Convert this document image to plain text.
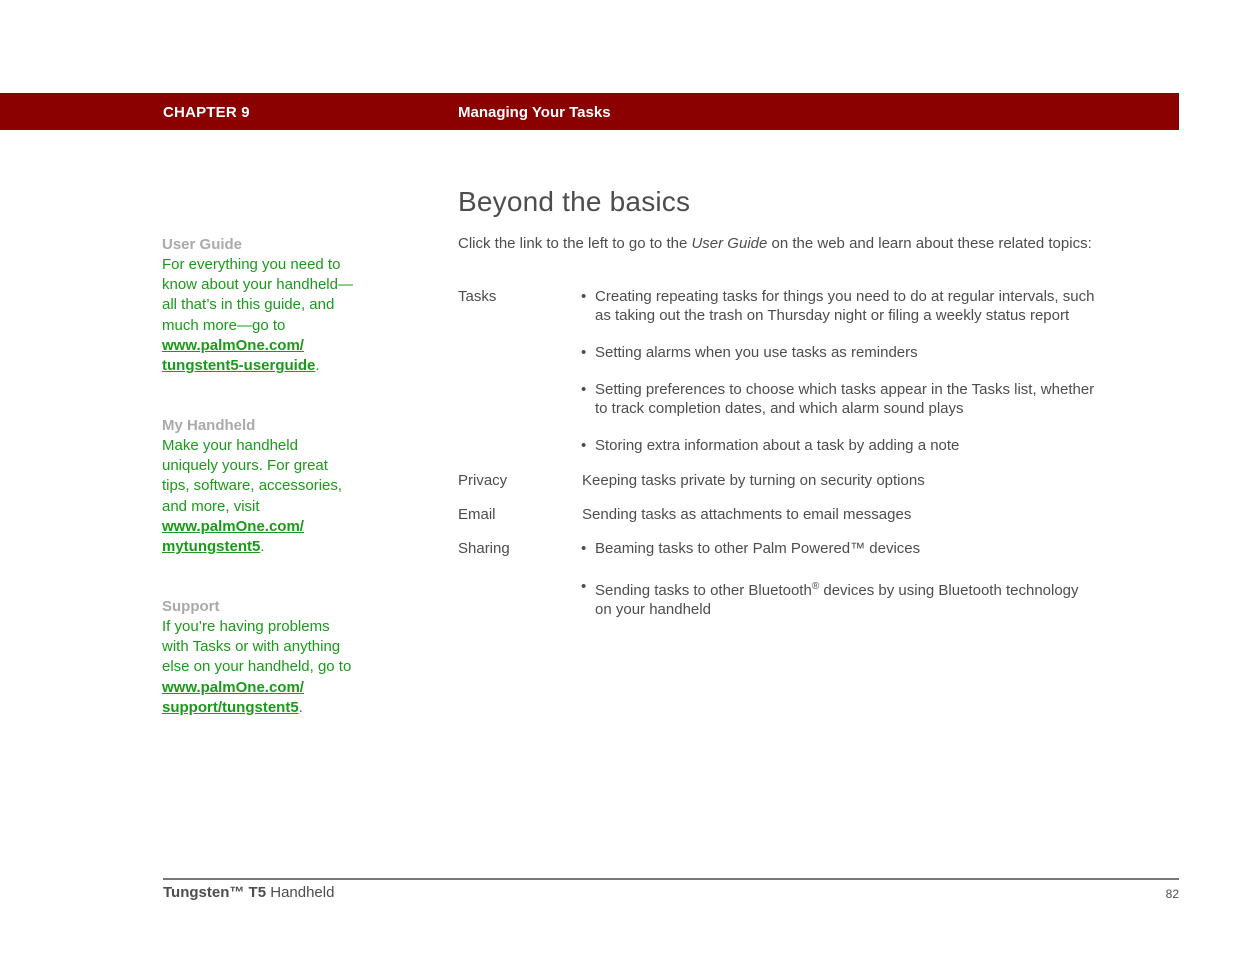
CHAPTER 9	Managing Your Tasks
User Guide
For everything you need to
know about your handheld—
all that’s in this guide, and
much more—go to
www.palmOne.com/
tungstent5-userguide.
My Handheld
Make your handheld
uniquely yours. For great
tips, software, accessories,
and more, visit
www.palmOne.com/
mytungstent5.
Support
If you’re having problems
with Tasks or with anything
else on your handheld, go to
www.palmOne.com/
support/tungstent5.
Beyond the basics
Click the link to the left to go to the User Guide on the web and learn about these related topics:
Tasks	• Creating repeating tasks for things you need to do at regular intervals, such
as taking out the trash on Thursday night or filing a weekly status report
• Setting alarms when you use tasks as reminders
• Setting preferences to choose which tasks appear in the Tasks list, whether
to track completion dates, and which alarm sound plays
• Storing extra information about a task by adding a note
Privacy	Keeping tasks private by turning on security options
Email	Sending tasks as attachments to email messages
Sharing	• Beaming tasks to other Palm Powered™ devices
• Sending tasks to other Bluetooth® devices by using Bluetooth technology
on your handheld
Tungsten™ T5 Handheld	82
